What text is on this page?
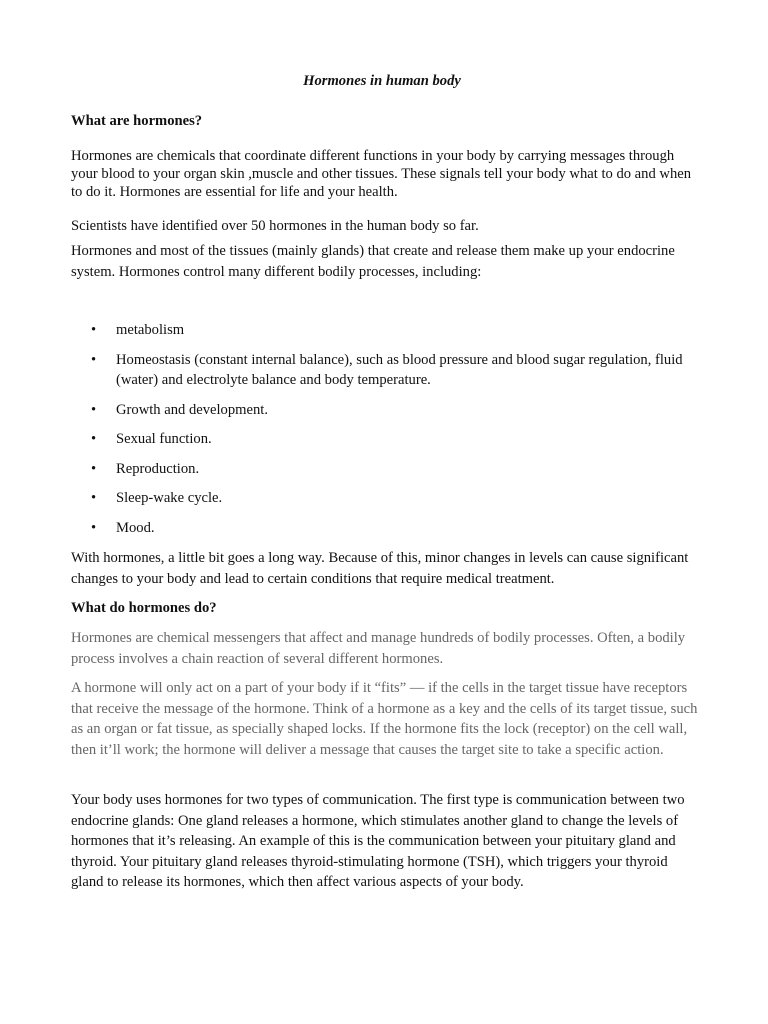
Hormones in human body

What are hormones?

Hormones are chemicals that coordinate different functions in your body by carrying messages through your blood to your organ skin ,muscle and other tissues. These signals tell your body what to do and when to do it. Hormones are essential for life and your health.

Scientists have identified over 50 hormones in the human body so far.

Hormones and most of the tissues (mainly glands) that create and release them make up your endocrine system. Hormones control many different bodily processes, including:

•	metabolism
•	Homeostasis (constant internal balance), such as blood pressure and blood sugar regulation, fluid (water) and electrolyte balance and body temperature.
•	Growth and development.
•	Sexual function.
•	Reproduction.
•	Sleep-wake cycle.
•	Mood.

With hormones, a little bit goes a long way. Because of this, minor changes in levels can cause significant changes to your body and lead to certain conditions that require medical treatment.

What do hormones do?

Hormones are chemical messengers that affect and manage hundreds of bodily processes. Often, a bodily process involves a chain reaction of several different hormones.

A hormone will only act on a part of your body if it “fits” — if the cells in the target tissue have receptors that receive the message of the hormone. Think of a hormone as a key and the cells of its target tissue, such as an organ or fat tissue, as specially shaped locks. If the hormone fits the lock (receptor) on the cell wall, then it’ll work; the hormone will deliver a message that causes the target site to take a specific action.

Your body uses hormones for two types of communication. The first type is communication between two endocrine glands: One gland releases a hormone, which stimulates another gland to change the levels of hormones that it’s releasing. An example of this is the communication between your pituitary gland and thyroid. Your pituitary gland releases thyroid-stimulating hormone (TSH), which triggers your thyroid gland to release its hormones, which then affect various aspects of your body.
